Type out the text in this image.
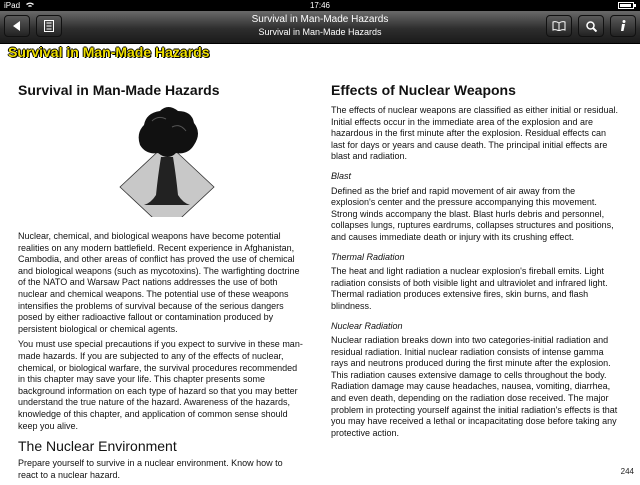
iPad	17:46
Survival in Man-Made Hazards
Survival in Man-Made Hazards
Survival in Man-Made Hazards
Survival in Man-Made Hazards

Nuclear, chemical, and biological weapons have become potential realities on any modern battlefield. Recent experience in Afghanistan, Cambodia, and other areas of conflict has proved the use of chemical and biological weapons (such as mycotoxins). The warfighting doctrine of the NATO and Warsaw Pact nations addresses the use of both nuclear and chemical weapons. The potential use of these weapons intensifies the problems of survival because of the serious dangers posed by either radioactive fallout or contamination produced by persistent biological or chemical agents.

You must use special precautions if you expect to survive in these man-made hazards. If you are subjected to any of the effects of nuclear, chemical, or biological warfare, the survival procedures recommended in this chapter may save your life. This chapter presents some background information on each type of hazard so that you may better understand the true nature of the hazard. Awareness of the hazards, knowledge of this chapter, and application of common sense should keep you alive.

The Nuclear Environment

Prepare yourself to survive in a nuclear environment. Know how to react to a nuclear hazard.

Effects of Nuclear Weapons

The effects of nuclear weapons are classified as either initial or residual. Initial effects occur in the immediate area of the explosion and are hazardous in the first minute after the explosion. Residual effects can last for days or years and cause death. The principal initial effects are blast and radiation.

Blast

Defined as the brief and rapid movement of air away from the explosion's center and the pressure accompanying this movement. Strong winds accompany the blast. Blast hurls debris and personnel, collapses lungs, ruptures eardrums, collapses structures and positions, and causes immediate death or injury with its crushing effect.

Thermal Radiation

The heat and light radiation a nuclear explosion's fireball emits. Light radiation consists of both visible light and ultraviolet and infrared light. Thermal radiation produces extensive fires, skin burns, and flash blindness.

Nuclear Radiation

Nuclear radiation breaks down into two categories-initial radiation and residual radiation. Initial nuclear radiation consists of intense gamma rays and neutrons produced during the first minute after the explosion. This radiation causes extensive damage to cells throughout the body. Radiation damage may cause headaches, nausea, vomiting, diarrhea, and even death, depending on the radiation dose received. The major problem in protecting yourself against the initial radiation's effects is that you may have received a lethal or incapacitating dose before taking any protective action.

244
